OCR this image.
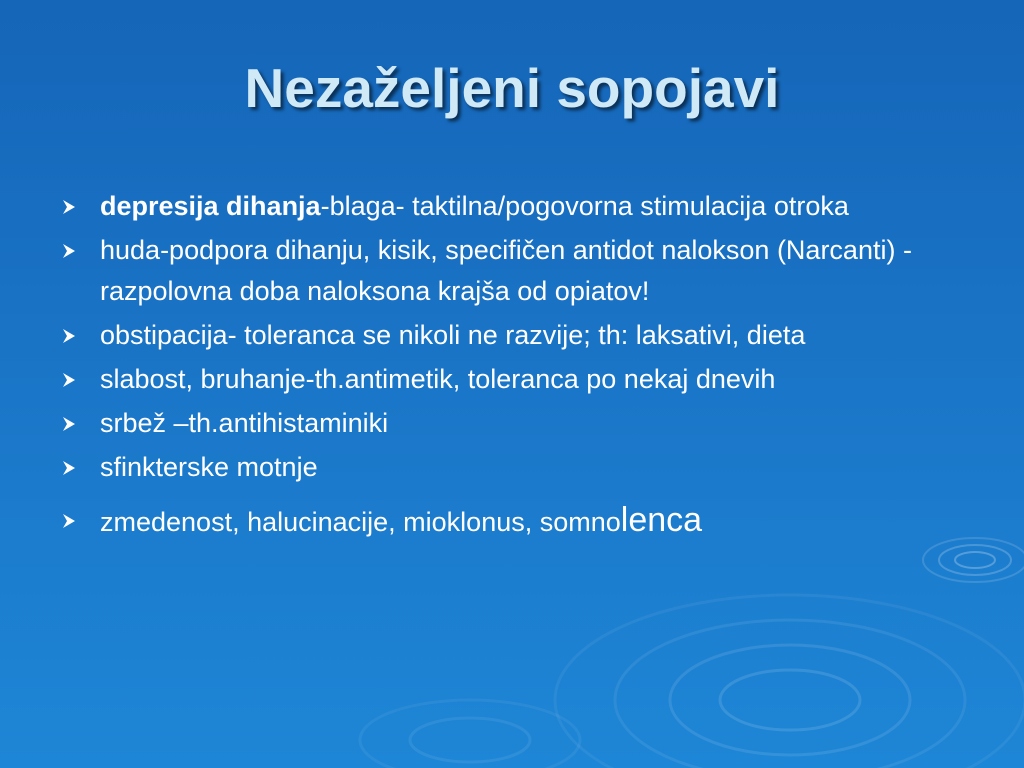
Nezaželjeni sopojavi
depresija dihanja-blaga- taktilna/pogovorna stimulacija otroka
huda-podpora dihanju, kisik, specifičen antidot nalokson (Narcanti) - razpolovna doba naloksona krajša od opiatov!
obstipacija- toleranca se nikoli ne razvije; th: laksativi, dieta
slabost, bruhanje-th.antimetik, toleranca po nekaj dnevih
srbež –th.antihistaminiki
sfinkterske motnje
zmedenost, halucinacije, mioklonus, somnolenca
